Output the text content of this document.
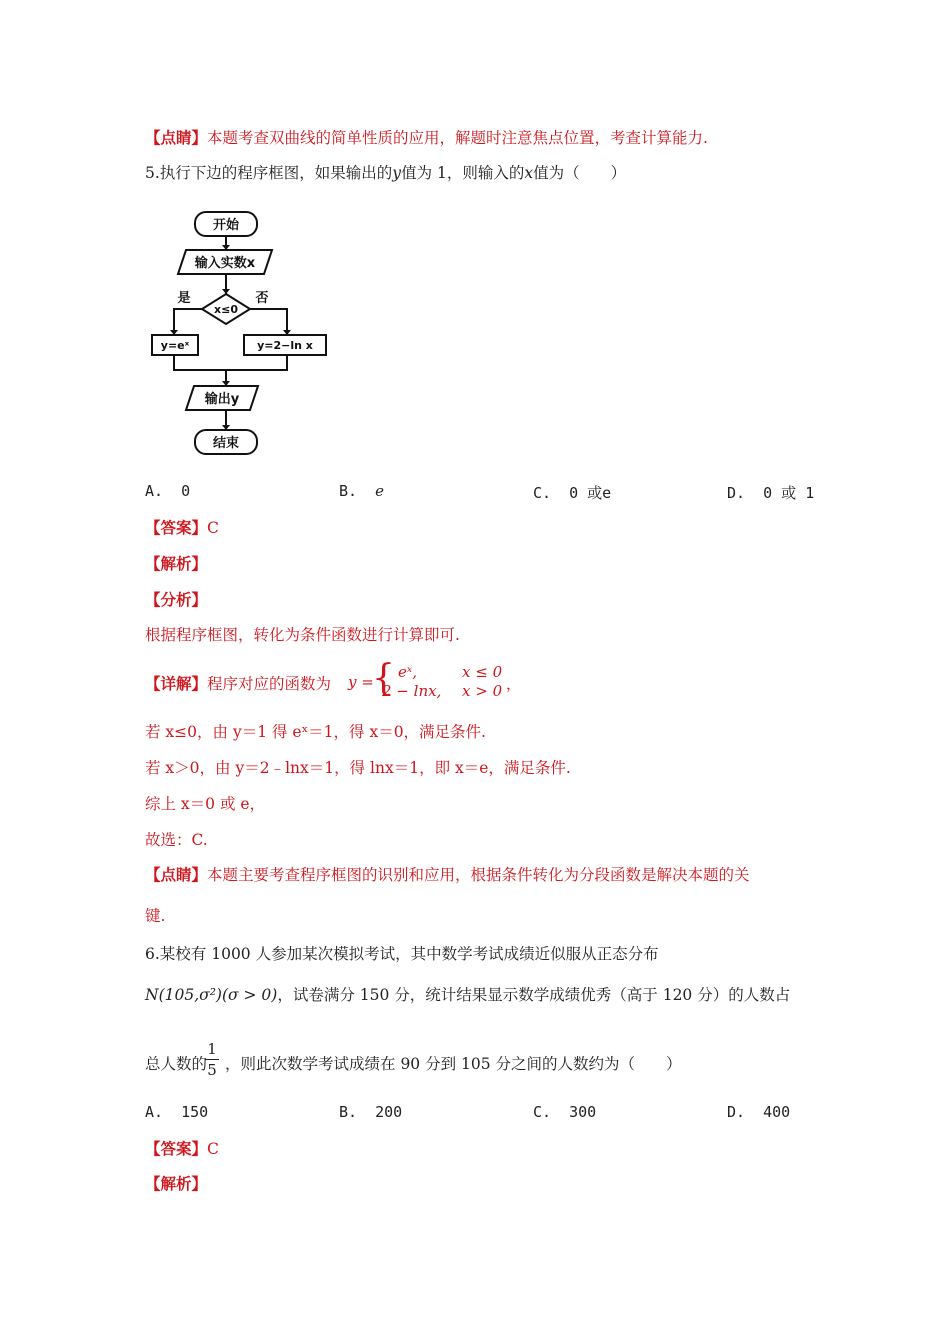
【点睛】本题考查双曲线的简单性质的应用，解题时注意焦点位置，考查计算能力.
5.执行下边的程序框图，如果输出的y值为 1，则输入的x值为（　　）
开始
输入实数x
x≤0
是	否
y=eˣ	y=2−ln x
输出y
结束
A. 0	B. e	C. 0 或e	D. 0 或 1
【答案】C
【解析】
【分析】
根据程序框图，转化为条件函数进行计算即可.
【详解】程序对应的函数为 y =
{ eˣ,	x ≤ 0
2 − lnx, x > 0 ，
若 x≤0，由 y＝1 得 eˣ＝1，得 x＝0，满足条件.
若 x＞0，由 y＝2﹣lnx＝1，得 lnx＝1，即 x＝e，满足条件.
综上 x＝0 或 e，
故选：C.
【点睛】本题主要考查程序框图的识别和应用，根据条件转化为分段函数是解决本题的关
键.
6.某校有 1000 人参加某次模拟考试，其中数学考试成绩近似服从正态分布
N(105,σ²)(σ > 0)，试卷满分 150 分，统计结果显示数学成绩优秀（高于 120 分）的人数占
总人数的 ，则此次数学考试成绩在 90 分到 105 分之间的人数约为（　　）
1
5
A. 150	B. 200	C. 300	D. 400
【答案】C
【解析】
